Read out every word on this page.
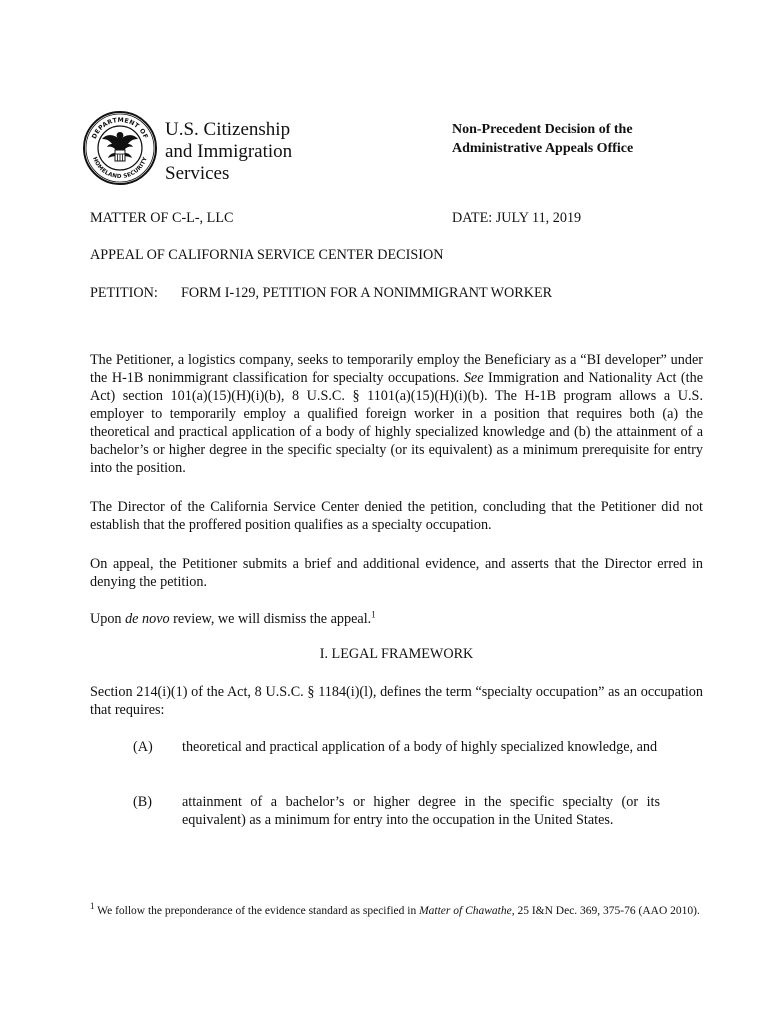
DEPARTMENT OF
HOMELAND SECURITY
U.S. Citizenship
and Immigration
Services
Non-Precedent Decision of the
Administrative Appeals Office
MATTER OF C-L-, LLC	DATE: JULY 11, 2019
APPEAL OF CALIFORNIA SERVICE CENTER DECISION
PETITION: FORM I-129, PETITION FOR A NONIMMIGRANT WORKER

The Petitioner, a logistics company, seeks to temporarily employ the Beneficiary as a “BI developer” under the H-1B nonimmigrant classification for specialty occupations. See Immigration and Nationality Act (the Act) section 101(a)(15)(H)(i)(b), 8 U.S.C. § 1101(a)(15)(H)(i)(b). The H-1B program allows a U.S. employer to temporarily employ a qualified foreign worker in a position that requires both (a) the theoretical and practical application of a body of highly specialized knowledge and (b) the attainment of a bachelor’s or higher degree in the specific specialty (or its equivalent) as a minimum prerequisite for entry into the position.

The Director of the California Service Center denied the petition, concluding that the Petitioner did not establish that the proffered position qualifies as a specialty occupation.

On appeal, the Petitioner submits a brief and additional evidence, and asserts that the Director erred in denying the petition.

Upon de novo review, we will dismiss the appeal.$^1$

I. LEGAL FRAMEWORK

Section 214(i)(1) of the Act, 8 U.S.C. § 1184(i)(l), defines the term “specialty occupation” as an occupation that requires:

(A) theoretical and practical application of a body of highly specialized knowledge, and

(B) attainment of a bachelor’s or higher degree in the specific specialty (or its equivalent) as a minimum for entry into the occupation in the United States.

$^1$ We follow the preponderance of the evidence standard as specified in Matter of Chawathe, 25 I&N Dec. 369, 375-76 (AAO 2010).
